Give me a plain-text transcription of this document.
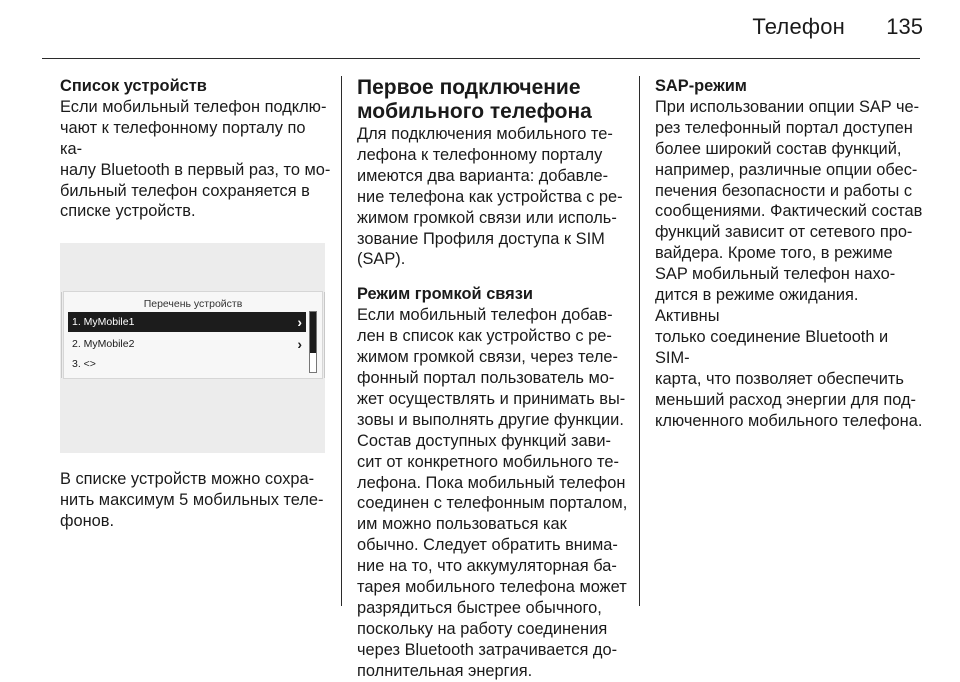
Телефон	135

Список устройств

Если мобильный телефон подклю-

чают к телефонному порталу по ка-

налу Bluetooth в первый раз, то мо-

бильный телефон сохраняется в

списке устройств.

Перечень устройств
1. MyMobile1	›
2. MyMobile2	›
3. <>

В списке устройств можно сохра-

нить максимум 5 мобильных теле-

фонов.

Первое подключение

мобильного телефона

Для подключения мобильного те-

лефона к телефонному порталу

имеются два варианта: добавле-

ние телефона как устройства с ре-

жимом громкой связи или исполь-

зование Профиля доступа к SIM

(SAP).

Режим громкой связи

Если мобильный телефон добав-

лен в список как устройство с ре-

жимом громкой связи, через теле-

фонный портал пользователь мо-

жет осуществлять и принимать вы-

зовы и выполнять другие функции.

Состав доступных функций зави-

сит от конкретного мобильного те-

лефона. Пока мобильный телефон

соединен с телефонным порталом,

им можно пользоваться как

обычно. Следует обратить внима-

ние на то, что аккумуляторная ба-

тарея мобильного телефона может

разрядиться быстрее обычного,

поскольку на работу соединения

через Bluetooth затрачивается до-

полнительная энергия.

SAP-режим

При использовании опции SAP че-

рез телефонный портал доступен

более широкий состав функций,

например, различные опции обес-

печения безопасности и работы с

сообщениями. Фактический состав

функций зависит от сетевого про-

вайдера. Кроме того, в режиме

SAP мобильный телефон нахо-

дится в режиме ожидания. Активны

только соединение Bluetooth и SIM-

карта, что позволяет обеспечить

меньший расход энергии для под-

ключенного мобильного телефона.
